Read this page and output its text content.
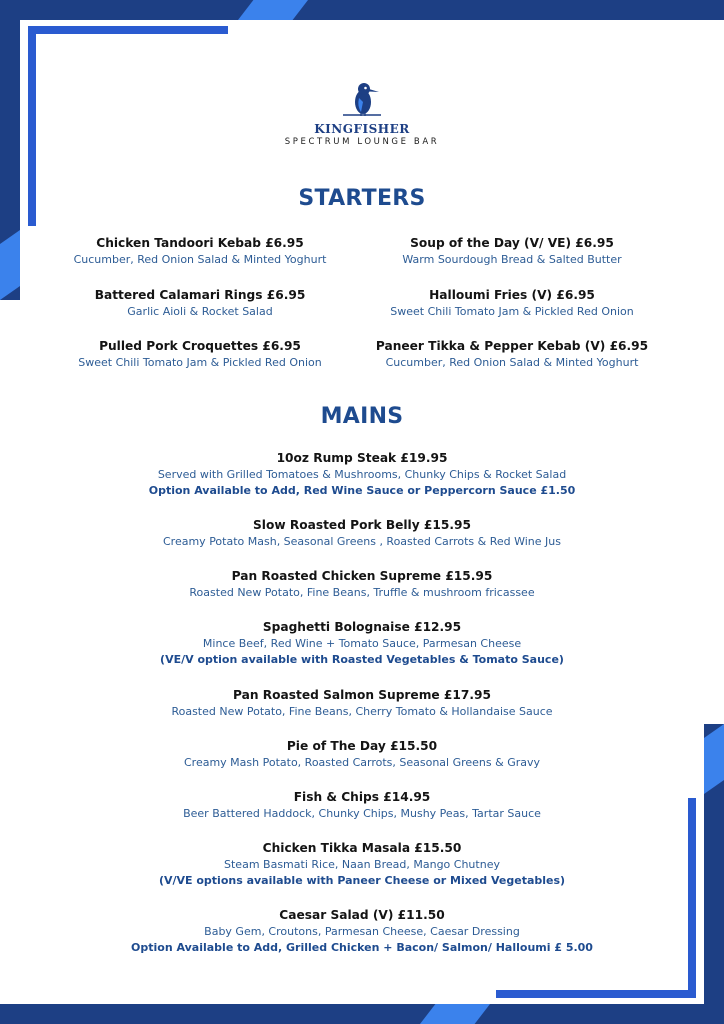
KINGFISHER
SPECTRUM LOUNGE BAR
STARTERS
Chicken Tandoori Kebab £6.95
Cucumber, Red Onion Salad & Minted Yoghurt
Battered Calamari Rings £6.95
Garlic Aioli & Rocket Salad
Pulled Pork Croquettes £6.95
Sweet Chili Tomato Jam & Pickled Red Onion
Soup of the Day (V/ VE) £6.95
Warm Sourdough Bread & Salted Butter
Halloumi Fries (V) £6.95
Sweet Chili Tomato Jam & Pickled Red Onion
Paneer Tikka & Pepper Kebab (V) £6.95
Cucumber, Red Onion Salad & Minted Yoghurt
MAINS
10oz Rump Steak £19.95
Served with Grilled Tomatoes & Mushrooms, Chunky Chips & Rocket Salad
Option Available to Add, Red Wine Sauce or Peppercorn Sauce £1.50
Slow Roasted Pork Belly £15.95
Creamy Potato Mash, Seasonal Greens , Roasted Carrots & Red Wine Jus
Pan Roasted Chicken Supreme £15.95
Roasted New Potato, Fine Beans, Truffle & mushroom fricassee
Spaghetti Bolognaise £12.95
Mince Beef, Red Wine + Tomato Sauce, Parmesan Cheese
(VE/V option available with Roasted Vegetables & Tomato Sauce)
Pan Roasted Salmon Supreme £17.95
Roasted New Potato, Fine Beans, Cherry Tomato & Hollandaise Sauce
Pie of The Day £15.50
Creamy Mash Potato, Roasted Carrots, Seasonal Greens & Gravy
Fish & Chips £14.95
Beer Battered Haddock, Chunky Chips, Mushy Peas, Tartar Sauce
Chicken Tikka Masala £15.50
Steam Basmati Rice, Naan Bread, Mango Chutney
(V/VE options available with Paneer Cheese or Mixed Vegetables)
Caesar Salad (V) £11.50
Baby Gem, Croutons, Parmesan Cheese, Caesar Dressing
Option Available to Add, Grilled Chicken + Bacon/ Salmon/ Halloumi £ 5.00
